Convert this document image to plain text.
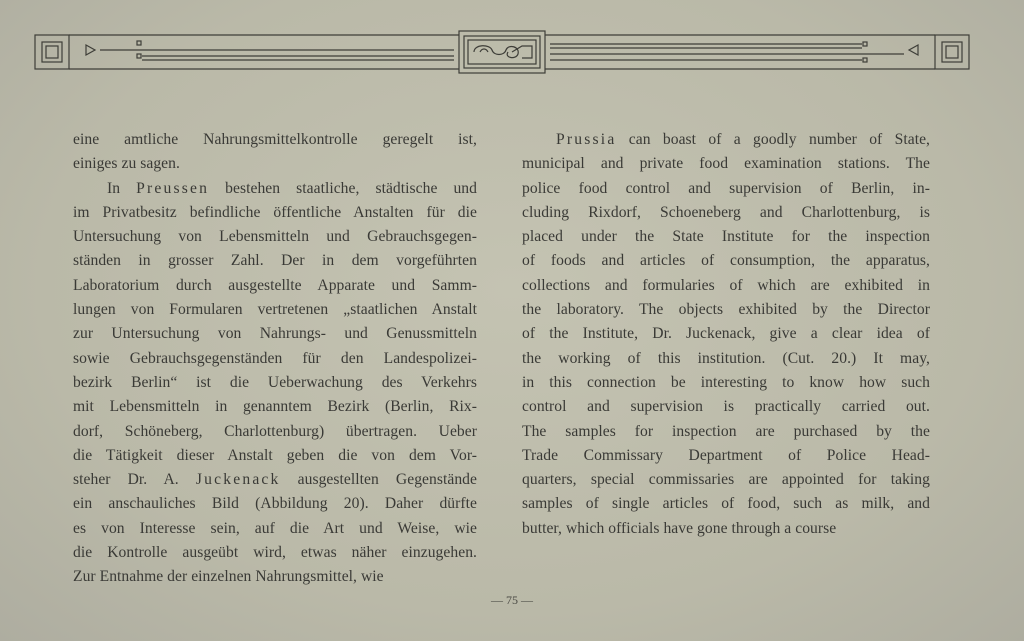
eine amtliche Nahrungsmittelkontrolle geregelt ist,
einiges zu sagen.

In Preussen bestehen staatliche, städtische und
im Privatbesitz befindliche öffentliche Anstalten für die
Untersuchung von Lebensmitteln und Gebrauchsgegen-
ständen in grosser Zahl. Der in dem vorgeführten
Laboratorium durch ausgestellte Apparate und Samm-
lungen von Formularen vertretenen „staatlichen Anstalt
zur Untersuchung von Nahrungs- und Genussmitteln
sowie Gebrauchsgegenständen für den Landespolizei-
bezirk Berlin“ ist die Ueberwachung des Verkehrs
mit Lebensmitteln in genanntem Bezirk (Berlin, Rix-
dorf, Schöneberg, Charlottenburg) übertragen. Ueber
die Tätigkeit dieser Anstalt geben die von dem Vor-
steher Dr. A. Juckenack ausgestellten Gegenstände
ein anschauliches Bild (Abbildung 20). Daher dürfte
es von Interesse sein, auf die Art und Weise, wie
die Kontrolle ausgeübt wird, etwas näher einzugehen.
Zur Entnahme der einzelnen Nahrungsmittel, wie

Prussia can boast of a goodly number of State,
municipal and private food examination stations. The
police food control and supervision of Berlin, in-
cluding Rixdorf, Schoeneberg and Charlottenburg, is
placed under the State Institute for the inspection
of foods and articles of consumption, the apparatus,
collections and formularies of which are exhibited in
the laboratory. The objects exhibited by the Director
of the Institute, Dr. Juckenack, give a clear idea of
the working of this institution. (Cut. 20.) It may,
in this connection be interesting to know how such
control and supervision is practically carried out.
The samples for inspection are purchased by the
Trade Commissary Department of Police Head-
quarters, special commissaries are appointed for taking
samples of single articles of food, such as milk, and
butter, which officials have gone through a course

— 75 —
